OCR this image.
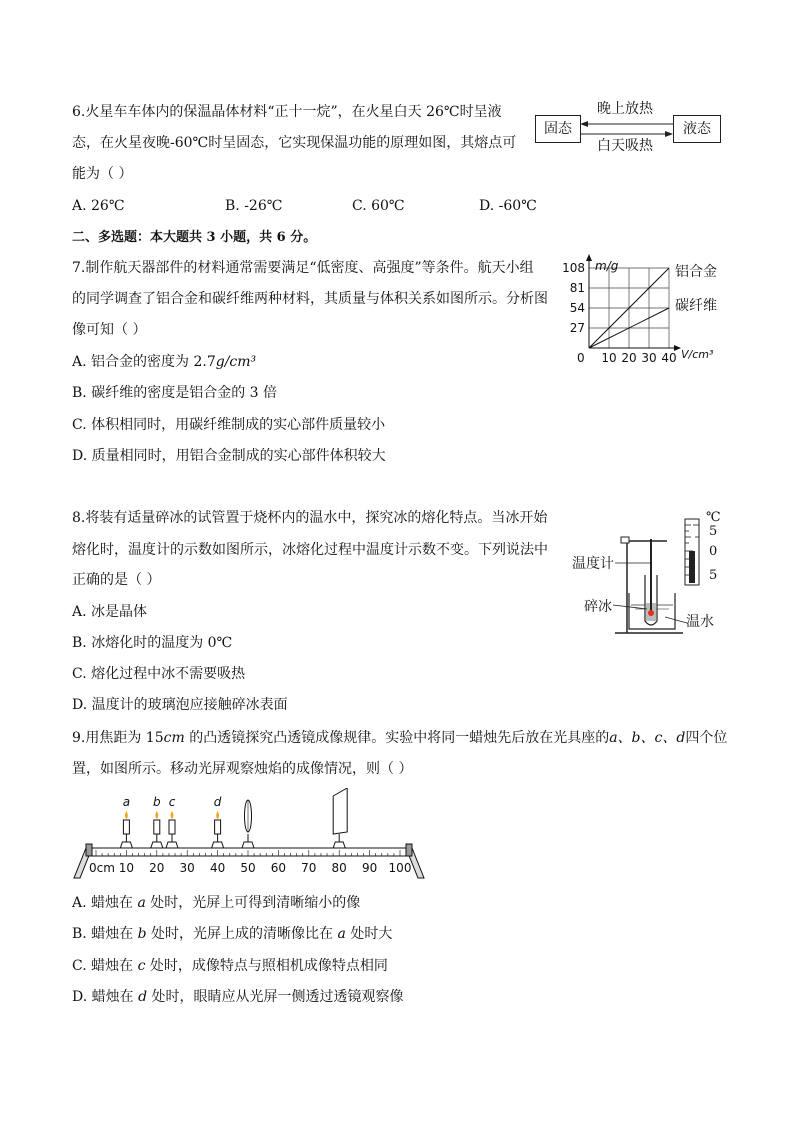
6.火星车车体内的保温晶体材料“正十一烷”，在火星白天 26℃时呈液
态，在火星夜晚-60℃时呈固态，它实现保温功能的原理如图，其熔点可
能为（ ）
固态	液态
晚上放热
白天吸热
A. 26℃	B. -26℃	C. 60℃	D. -60℃
二、多选题：本大题共 3 小题，共 6 分。
7.制作航天器部件的材料通常需要满足“低密度、高强度”等条件。航天小组
的同学调查了铝合金和碳纤维两种材料，其质量与体积关系如图所示。分析图
像可知（ ）
A. 铝合金的密度为 2.7g/cm³
B. 碳纤维的密度是铝合金的 3 倍
C. 体积相同时，用碳纤维制成的实心部件质量较小
D. 质量相同时，用铝合金制成的实心部件体积较大
10 20 30 40
27
54
81
108
0
m/g
V/cm³
铝合金
碳纤维
8.将装有适量碎冰的试管置于烧杯内的温水中，探究冰的熔化特点。当冰开始
熔化时，温度计的示数如图所示，冰熔化过程中温度计示数不变。下列说法中
正确的是（ ）
A. 冰是晶体
B. 冰熔化时的温度为 0℃
C. 熔化过程中冰不需要吸热
D. 温度计的玻璃泡应接触碎冰表面
℃
5
0
5
温度计
碎冰
温水
9.用焦距为 15cm 的凸透镜探究凸透镜成像规律。实验中将同一蜡烛先后放在光具座的a、b、c、d四个位
置，如图所示。移动光屏观察烛焰的成像情况，则（ ）
0cm 10 20 30 40 50 60 70 80 90 100
a b c	d
A. 蜡烛在 a 处时，光屏上可得到清晰缩小的像
B. 蜡烛在 b 处时，光屏上成的清晰像比在 a 处时大
C. 蜡烛在 c 处时，成像特点与照相机成像特点相同
D. 蜡烛在 d 处时，眼睛应从光屏一侧透过透镜观察像
